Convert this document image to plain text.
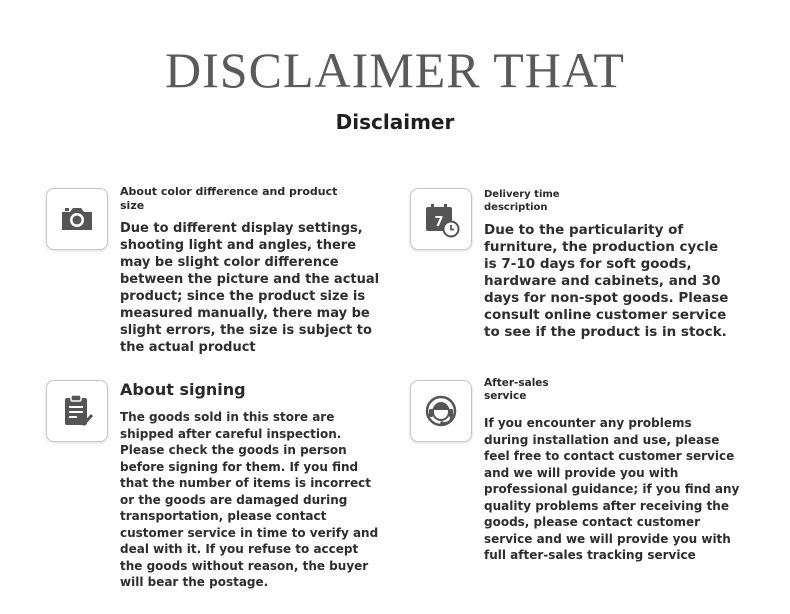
DISCLAIMER THAT
Disclaimer
About color difference and product size
Due to different display settings, shooting light and angles, there may be slight color difference between the picture and the actual product; since the product size is measured manually, there may be slight errors, the size is subject to the actual product
7
Delivery time description
Due to the particularity of furniture, the production cycle is 7-10 days for soft goods, hardware and cabinets, and 30 days for non-spot goods. Please consult online customer service to see if the product is in stock.
About signing
The goods sold in this store are shipped after careful inspection. Please check the goods in person before signing for them. If you find that the number of items is incorrect or the goods are damaged during transportation, please contact customer service in time to verify and deal with it. If you refuse to accept the goods without reason, the buyer will bear the postage.
After-sales service
If you encounter any problems during installation and use, please feel free to contact customer service and we will provide you with professional guidance; if you find any quality problems after receiving the goods, please contact customer service and we will provide you with full after-sales tracking service
